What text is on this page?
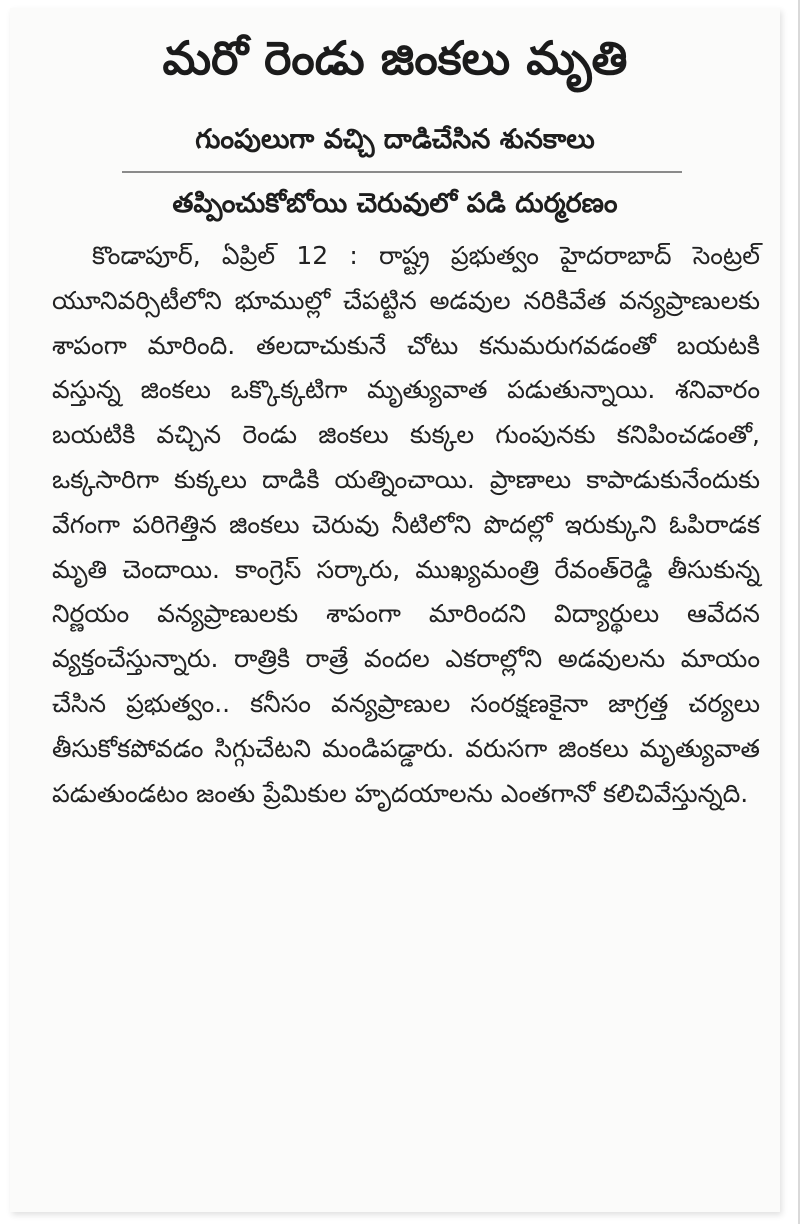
మరో రెండు జింకలు మృతి
గుంపులుగా వచ్చి దాడిచేసిన శునకాలు
తప్పించుకోబోయి చెరువులో పడి దుర్మరణం

కొండాపూర్, ఏప్రిల్ 12 : రాష్ట్ర ప్రభుత్వం హైదరాబాద్ సెంట్రల్ యూనివర్సిటీలోని భూముల్లో చేపట్టిన అడవుల నరికివేత వన్యప్రాణులకు శాపంగా మారింది. తలదాచుకునే చోటు కనుమరుగవడంతో బయటకి వస్తున్న జింకలు ఒక్కొక్కటిగా మృత్యువాత పడుతున్నాయి. శనివారం బయటికి వచ్చిన రెండు జింకలు కుక్కల గుంపునకు కనిపించడంతో, ఒక్కసారిగా కుక్కలు దాడికి యత్నించాయి. ప్రాణాలు కాపాడుకునేందుకు వేగంగా పరిగెత్తిన జింకలు చెరువు నీటిలోని పొదల్లో ఇరుక్కుని ఓపిరాడక మృతి చెందాయి. కాంగ్రెస్ సర్కారు, ముఖ్యమంత్రి రేవంత్‌రెడ్డి తీసుకున్న నిర్ణయం వన్యప్రాణులకు శాపంగా మారిందని విద్యార్థులు ఆవేదన వ్యక్తంచేస్తున్నారు. రాత్రికి రాత్రే వందల ఎకరాల్లోని అడవులను మాయం చేసిన ప్రభుత్వం.. కనీసం వన్యప్రాణుల సంరక్షణకైనా జాగ్రత్త చర్యలు తీసుకోకపోవడం సిగ్గుచేటని మండిపడ్డారు. వరుసగా జింకలు మృత్యువాత పడుతుండటం జంతు ప్రేమికుల హృదయాలను ఎంతగానో కలిచివేస్తున్నది.
